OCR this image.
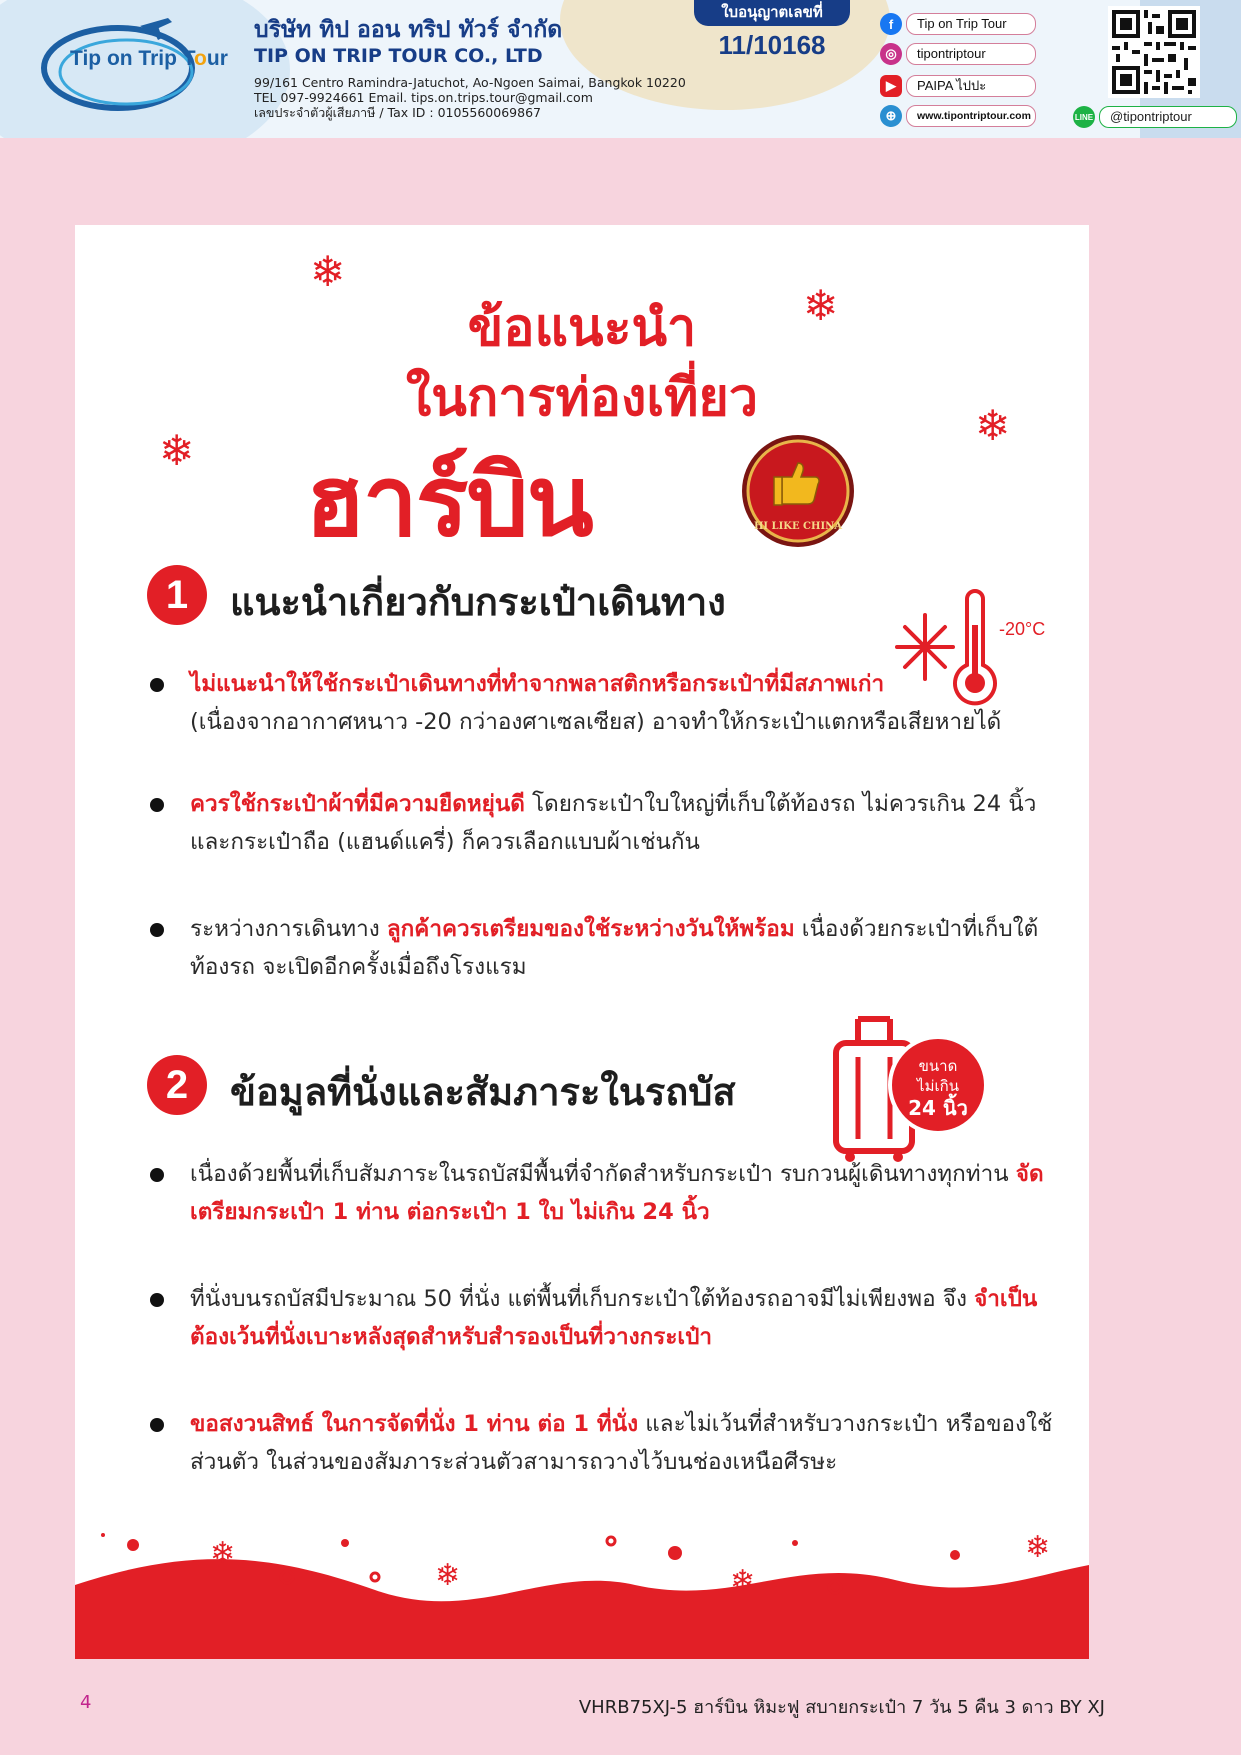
Tip on Trip Tour
บริษัท ทิป ออน ทริป ทัวร์ จำกัด
TIP ON TRIP TOUR CO., LTD
99/161 Centro Ramindra-Jatuchot, Ao-Ngoen Saimai, Bangkok 10220
TEL 097-9924661 Email. tips.on.trips.tour@gmail.com
เลขประจำตัวผู้เสียภาษี / Tax ID : 0105560069867
ใบอนุญาตเลขที่
11/10168
f	Tip on Trip Tour
◎	tipontriptour
▶	PAIPA ไปปะ
⊕	www.tipontriptour.com	LINE	@tipontriptour
❄
❄
❄
❄
ข้อแนะนำ
ในการท่องเที่ยว
ฮาร์บิน	HI LIKE CHINA
1	แนะนำเกี่ยวกับกระเป๋าเดินทาง
-20°C
ไม่แนะนำให้ใช้กระเป๋าเดินทางที่ทำจากพลาสติกหรือกระเป๋าที่มีสภาพเก่า
(เนื่องจากอากาศหนาว -20 กว่าองศาเซลเซียส) อาจทำให้กระเป๋าแตกหรือเสียหายได้
ควรใช้กระเป๋าผ้าที่มีความยืดหยุ่นดี โดยกระเป๋าใบใหญ่ที่เก็บใต้ท้องรถ ไม่ควรเกิน 24 นิ้ว และกระเป๋าถือ (แฮนด์แครี่) ก็ควรเลือกแบบผ้าเช่นกัน
ระหว่างการเดินทาง ลูกค้าควรเตรียมของใช้ระหว่างวันให้พร้อม เนื่องด้วยกระเป๋าที่เก็บใต้ท้องรถ จะเปิดอีกครั้งเมื่อถึงโรงแรม
2	ข้อมูลที่นั่งและสัมภาระในรถบัส
ขนาด
ไม่เกิน
24 นิ้ว
เนื่องด้วยพื้นที่เก็บสัมภาระในรถบัสมีพื้นที่จำกัดสำหรับกระเป๋า รบกวนผู้เดินทางทุกท่าน จัดเตรียมกระเป๋า 1 ท่าน ต่อกระเป๋า 1 ใบ ไม่เกิน 24 นิ้ว
ที่นั่งบนรถบัสมีประมาณ 50 ที่นั่ง แต่พื้นที่เก็บกระเป๋าใต้ท้องรถอาจมีไม่เพียงพอ จึง จำเป็นต้องเว้นที่นั่งเบาะหลังสุดสำหรับสำรองเป็นที่วางกระเป๋า
ขอสงวนสิทธ์ ในการจัดที่นั่ง 1 ท่าน ต่อ 1 ที่นั่ง และไม่เว้นที่สำหรับวางกระเป๋า หรือของใช้ส่วนตัว ในส่วนของสัมภาระส่วนตัวสามารถวางไว้บนช่องเหนือศีรษะ
❄
❄	❄
❄
4	VHRB75XJ-5 ฮาร์บิน หิมะฟู สบายกระเป๋า 7 วัน 5 คืน 3 ดาว BY XJ
